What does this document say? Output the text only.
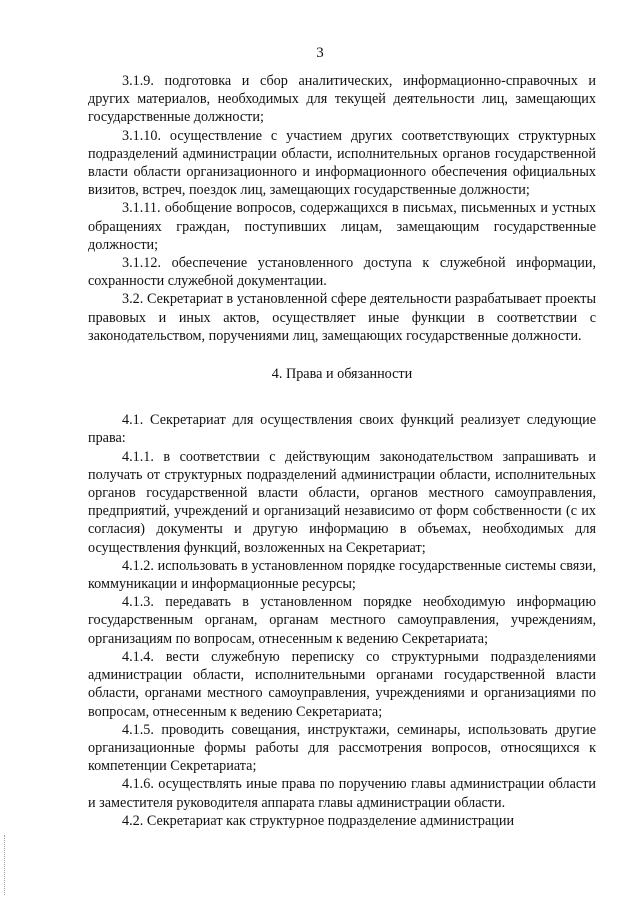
3

3.1.9. подготовка и сбор аналитических, информационно-справочных и других материалов, необходимых для текущей деятельности лиц, замещающих государственные должности;

3.1.10. осуществление с участием других соответствующих структурных подразделений администрации области, исполнительных органов государственной власти области организационного и информационного обеспечения официальных визитов, встреч, поездок лиц, замещающих государственные должности;

3.1.11. обобщение вопросов, содержащихся в письмах, письменных и устных обращениях граждан, поступивших лицам, замещающим государственные должности;

3.1.12. обеспечение установленного доступа к служебной информации, сохранности служебной документации.

3.2. Секретариат в установленной сфере деятельности разрабатывает проекты правовых и иных актов, осуществляет иные функции в соответствии с законодательством, поручениями лиц, замещающих государственные должности.

4. Права и обязанности

4.1. Секретариат для осуществления своих функций реализует следующие права:

4.1.1. в соответствии с действующим законодательством запрашивать и получать от структурных подразделений администрации области, исполнительных органов государственной власти области, органов местного самоуправления, предприятий, учреждений и организаций независимо от форм собственности (с их согласия) документы и другую информацию в объемах, необходимых для осуществления функций, возложенных на Секретариат;

4.1.2. использовать в установленном порядке государственные системы связи, коммуникации и информационные ресурсы;

4.1.3. передавать в установленном порядке необходимую информацию государственным органам, органам местного самоуправления, учреждениям, организациям по вопросам, отнесенным к ведению Секретариата;

4.1.4. вести служебную переписку со структурными подразделениями администрации области, исполнительными органами государственной власти области, органами местного самоуправления, учреждениями и организациями по вопросам, отнесенным к ведению Секретариата;

4.1.5. проводить совещания, инструктажи, семинары, использовать другие организационные формы работы для рассмотрения вопросов, относящихся к компетенции Секретариата;

4.1.6. осуществлять иные права по поручению главы администрации области и заместителя руководителя аппарата главы администрации области.

4.2. Секретариат как структурное подразделение администрации
